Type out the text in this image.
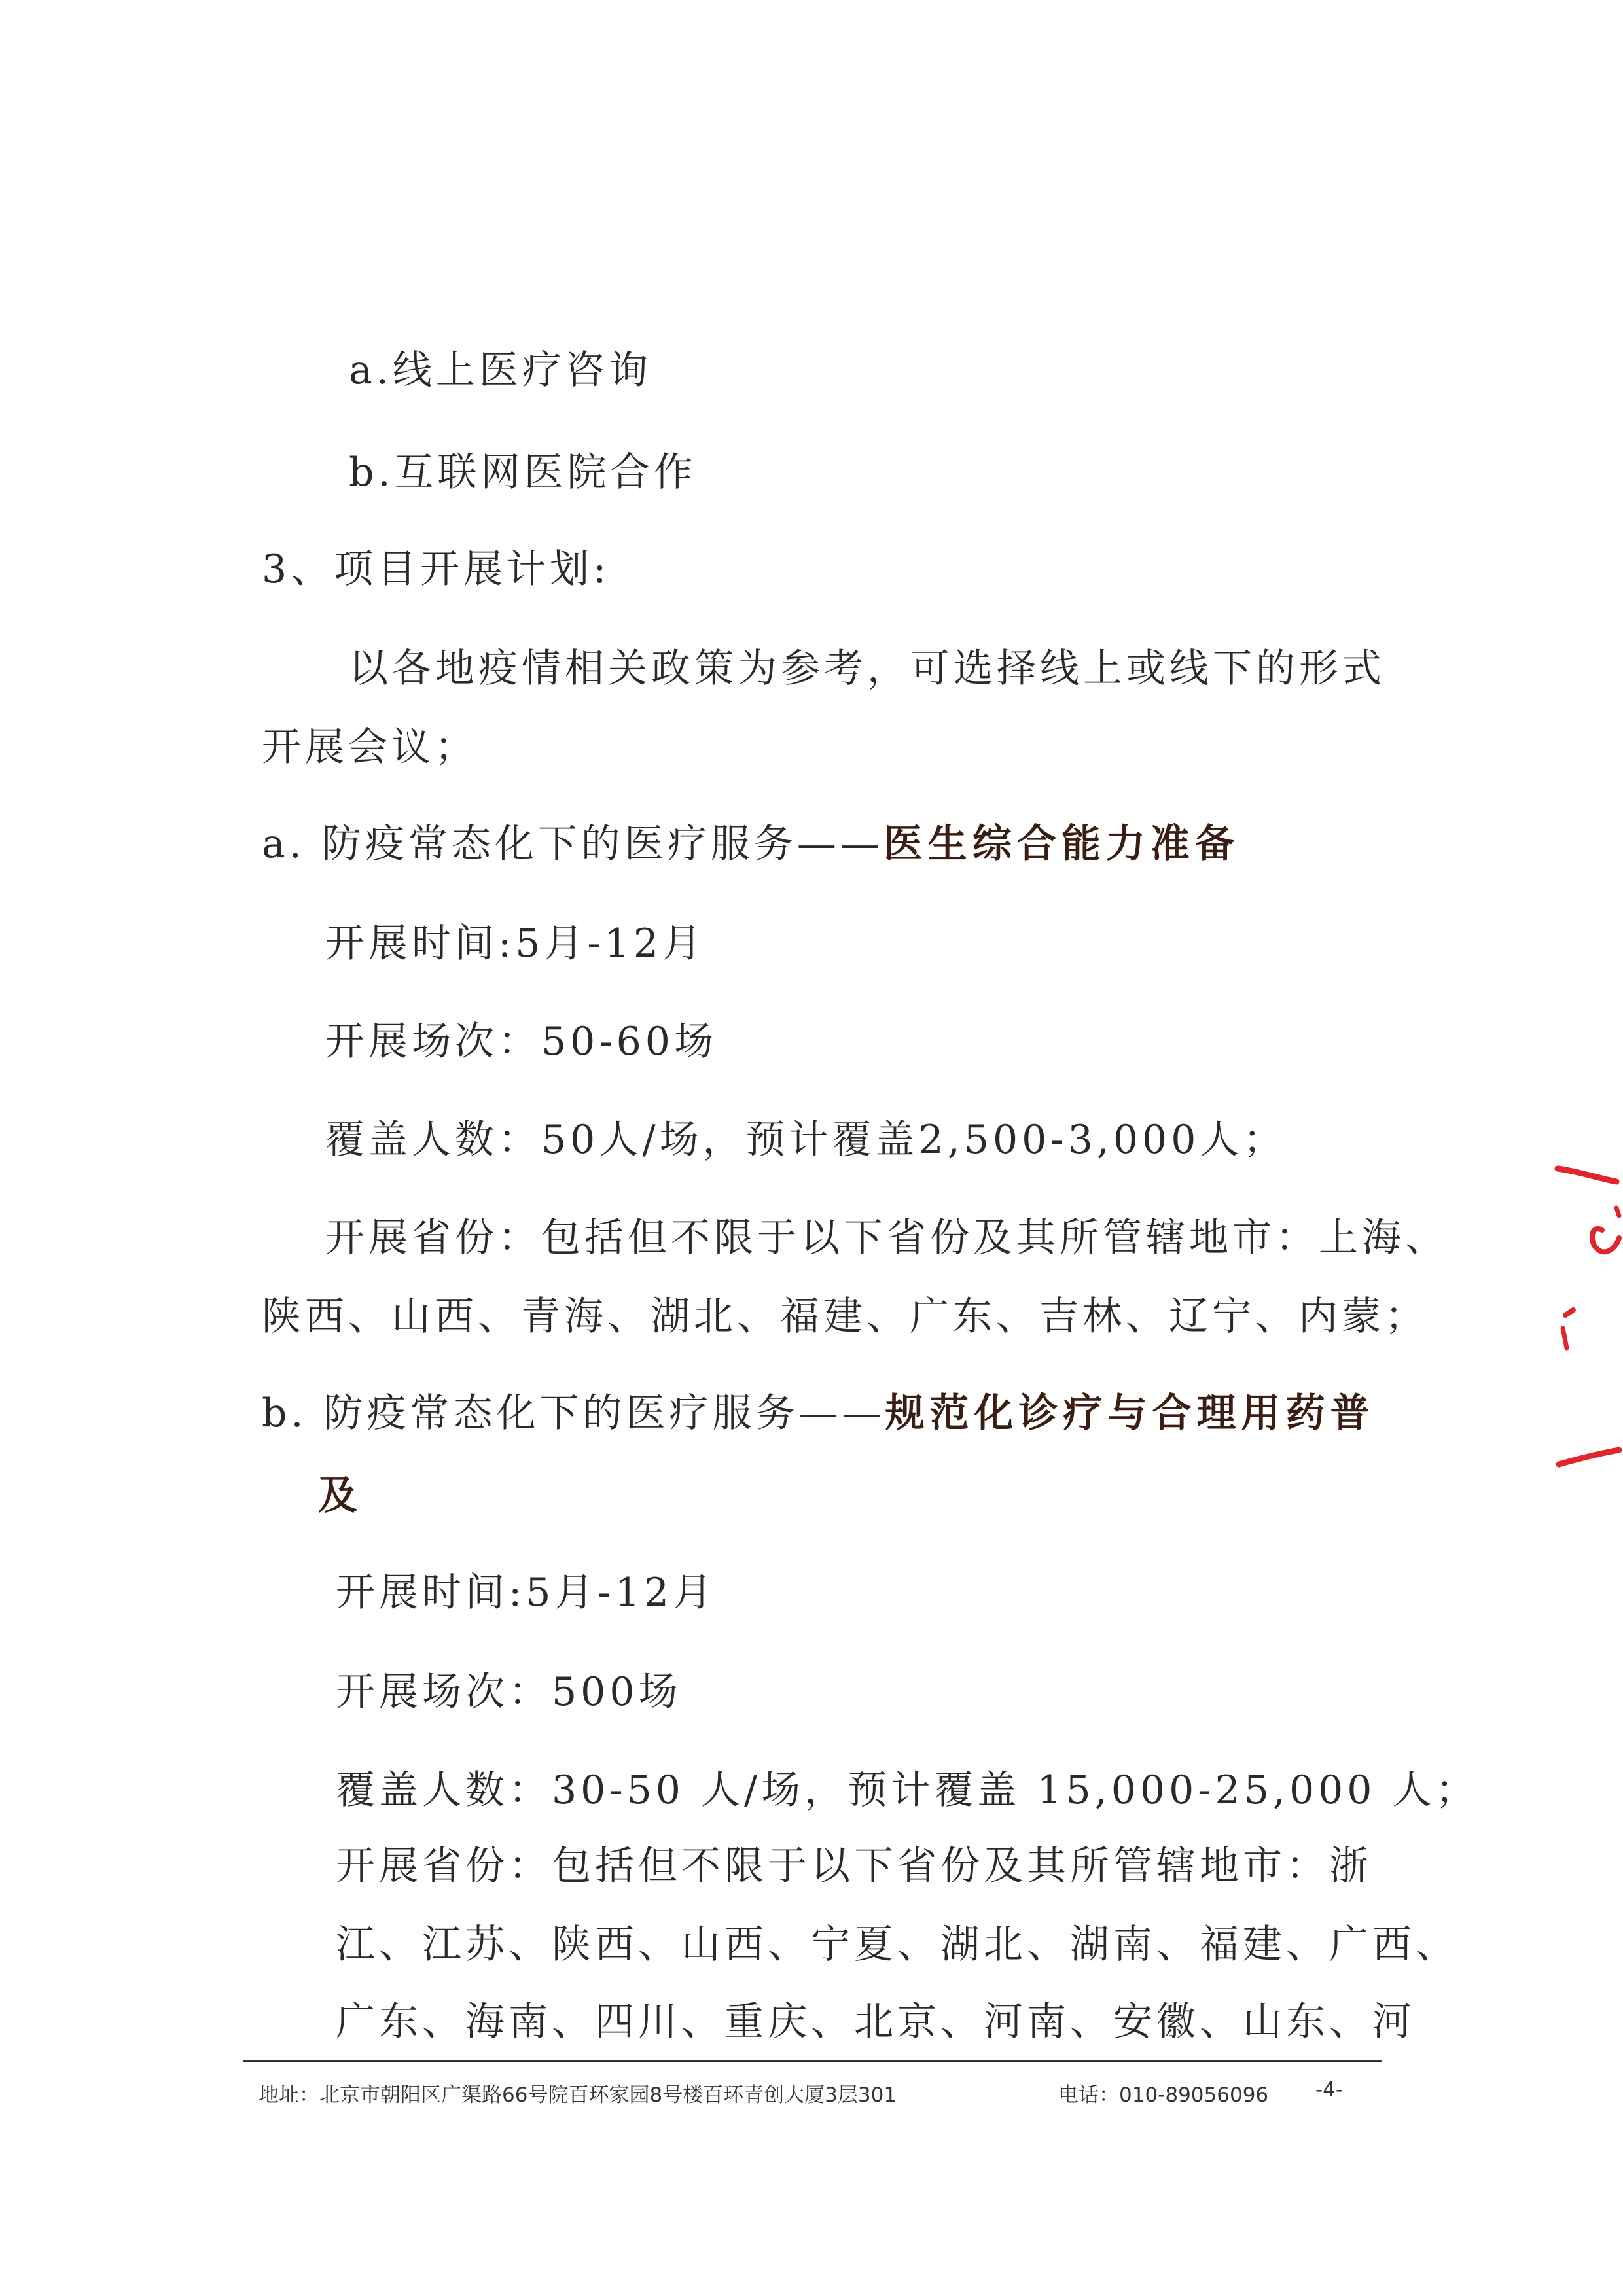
a.线上医疗咨询
b.互联网医院合作
3、项目开展计划:
以各地疫情相关政策为参考，可选择线上或线下的形式
开展会议；
a. 防疫常态化下的医疗服务——医生综合能力准备
开展时间:5月-12月
开展场次：50-60场
覆盖人数：50人/场，预计覆盖2,500-3,000人；
开展省份：包括但不限于以下省份及其所管辖地市：上海、
陕西、山西、青海、湖北、福建、广东、吉林、辽宁、内蒙；
b. 防疫常态化下的医疗服务——规范化诊疗与合理用药普
及
开展时间:5月-12月
开展场次：500场
覆盖人数：30-50 人/场，预计覆盖 15,000-25,000 人；
开展省份：包括但不限于以下省份及其所管辖地市：浙
江、江苏、陕西、山西、宁夏、湖北、湖南、福建、广西、
广东、海南、四川、重庆、北京、河南、安徽、山东、河
地址：北京市朝阳区广渠路66号院百环家园8号楼百环青创大厦3层301	电话：010-89056096 -4-
